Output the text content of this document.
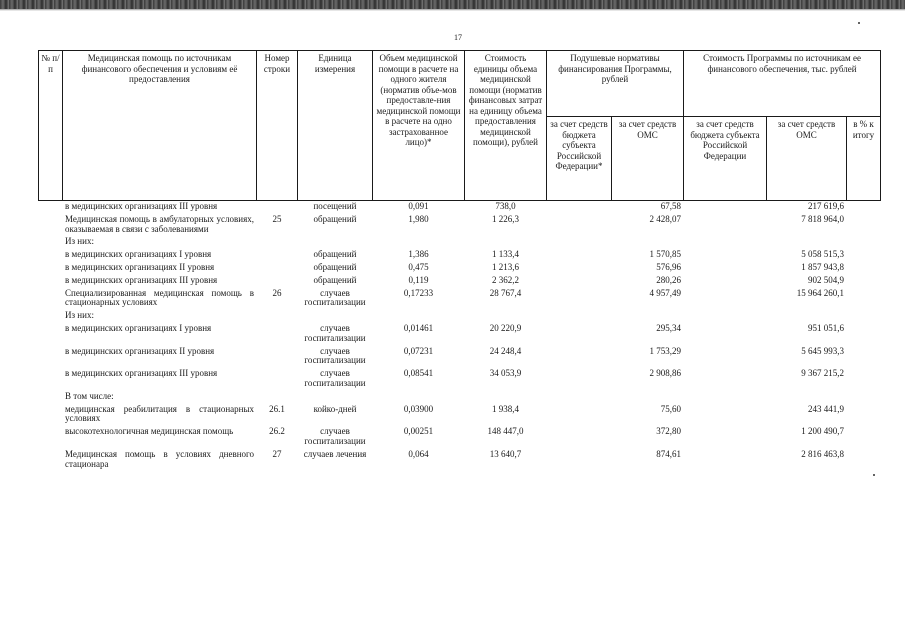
17
№ п/п	Медицинская помощь по источникам финансового обеспечения и условиям её предоставления	Номер строки	Единица измерения	Объем медицинской помощи в расчете на одного жителя (норматив объе-мов предоставле-ния медицинской помощи в расчете на одно застрахованное лицо)*	Стоимость единицы объема медицинской помощи (норматив финансовых затрат на единицу объема предоставления медицинской помощи), рублей	Подушевые нормативы финансирования Программы, рублей		Стоимость Программы по источникам ее финансового обеспечения, тыс. рублей		
						за счет средств бюджета субъекта Российской Федерации*	за счет средств ОМС	за счет средств бюджета субъекта Российской Федерации	за счет средств ОМС	в % к итогу
	в медицинских организациях III уровня		посещений	0,091	738,0		67,58		217 619,6	
	Медицинская помощь в амбулаторных условиях, оказываемая в связи с заболеваниями	25	обращений	1,980	1 226,3		2 428,07		7 818 964,0	
	Из них:									
	в медицинских организациях I уровня		обращений	1,386	1 133,4		1 570,85		5 058 515,3	
	в медицинских организациях II уровня		обращений	0,475	1 213,6		576,96		1 857 943,8	
	в медицинских организациях III уровня		обращений	0,119	2 362,2		280,26		902 504,9	
	Специализированная медицинская помощь в стационарных условиях	26	случаев госпитализации	0,17233	28 767,4		4 957,49		15 964 260,1	
	Из них:									
	в медицинских организациях I уровня		случаев госпитализации	0,01461	20 220,9		295,34		951 051,6	
	в медицинских организациях II уровня		случаев госпитализации	0,07231	24 248,4		1 753,29		5 645 993,3	
	в медицинских организациях III уровня		случаев госпитализации	0,08541	34 053,9		2 908,86		9 367 215,2	
	В том числе:									
	медицинская реабилитация в стационарных условиях	26.1	койко-дней	0,03900	1 938,4		75,60		243 441,9	
	высокотехнологичная медицинская помощь	26.2	случаев госпитализации	0,00251	148 447,0		372,80		1 200 490,7	
	Медицинская помощь в условиях дневного стационара	27	случаев лечения	0,064	13 640,7		874,61		2 816 463,8	
